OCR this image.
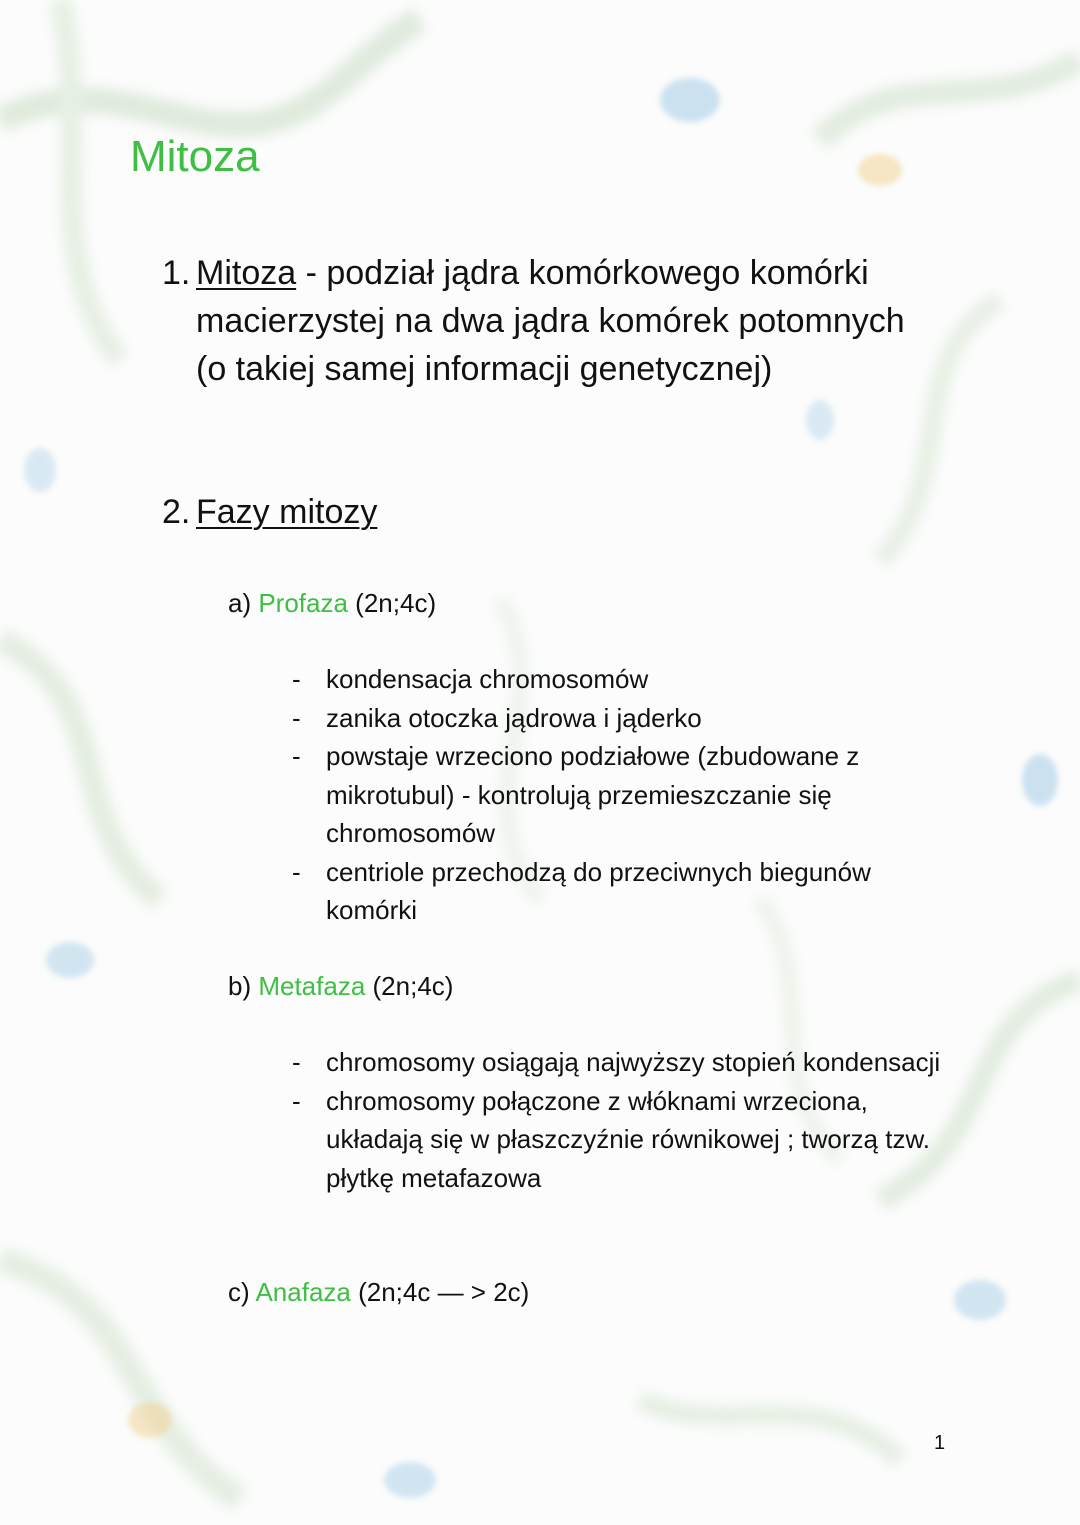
Mitoza
1. Mitoza - podział jądra komórkowego komórki macierzystej na dwa jądra komórek potomnych (o takiej samej informacji genetycznej)
2. Fazy mitozy
a) Profaza (2n;4c)
- kondensacja chromosomów
- zanika otoczka jądrowa i jąderko
- powstaje wrzeciono podziałowe (zbudowane z mikrotubul) - kontrolują przemieszczanie się chromosomów
- centriole przechodzą do przeciwnych biegunów komórki
b) Metafaza (2n;4c)
- chromosomy osiągają najwyższy stopień kondensacji
- chromosomy połączone z włóknami wrzeciona, układają się w płaszczyźnie równikowej ; tworzą tzw. płytkę metafazowa
c) Anafaza (2n;4c — > 2c)
1
